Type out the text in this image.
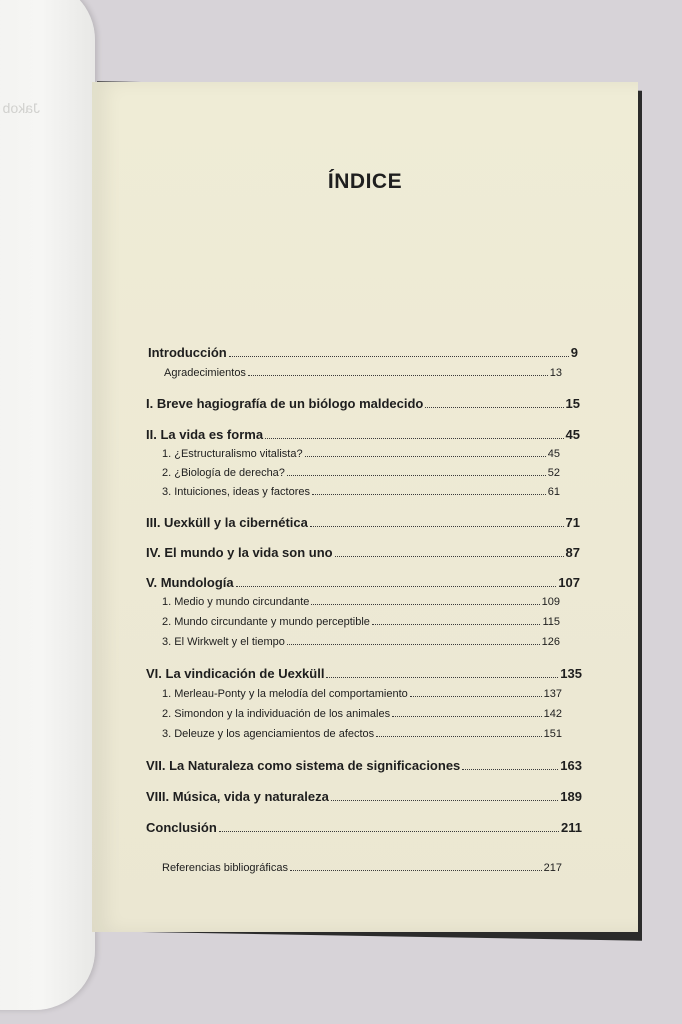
Jakob
ÍNDICE
Introducción	9
Agradecimientos	13
I. Breve hagiografía de un biólogo maldecido	15
II. La vida es forma	45
1. ¿Estructuralismo vitalista?	45
2. ¿Biología de derecha?	52
3. Intuiciones, ideas y factores	61
III. Uexküll y la cibernética	71
IV. El mundo y la vida son uno	87
V. Mundología	107
1. Medio y mundo circundante	109
2. Mundo circundante y mundo perceptible	115
3. El Wirkwelt y el tiempo	126
VI. La vindicación de Uexküll	135
1. Merleau-Ponty y la melodía del comportamiento	137
2. Simondon y la individuación de los animales	142
3. Deleuze y los agenciamientos de afectos	151
VII. La Naturaleza como sistema de significaciones	163
VIII. Música, vida y naturaleza	189
Conclusión	211
Referencias bibliográficas	217
